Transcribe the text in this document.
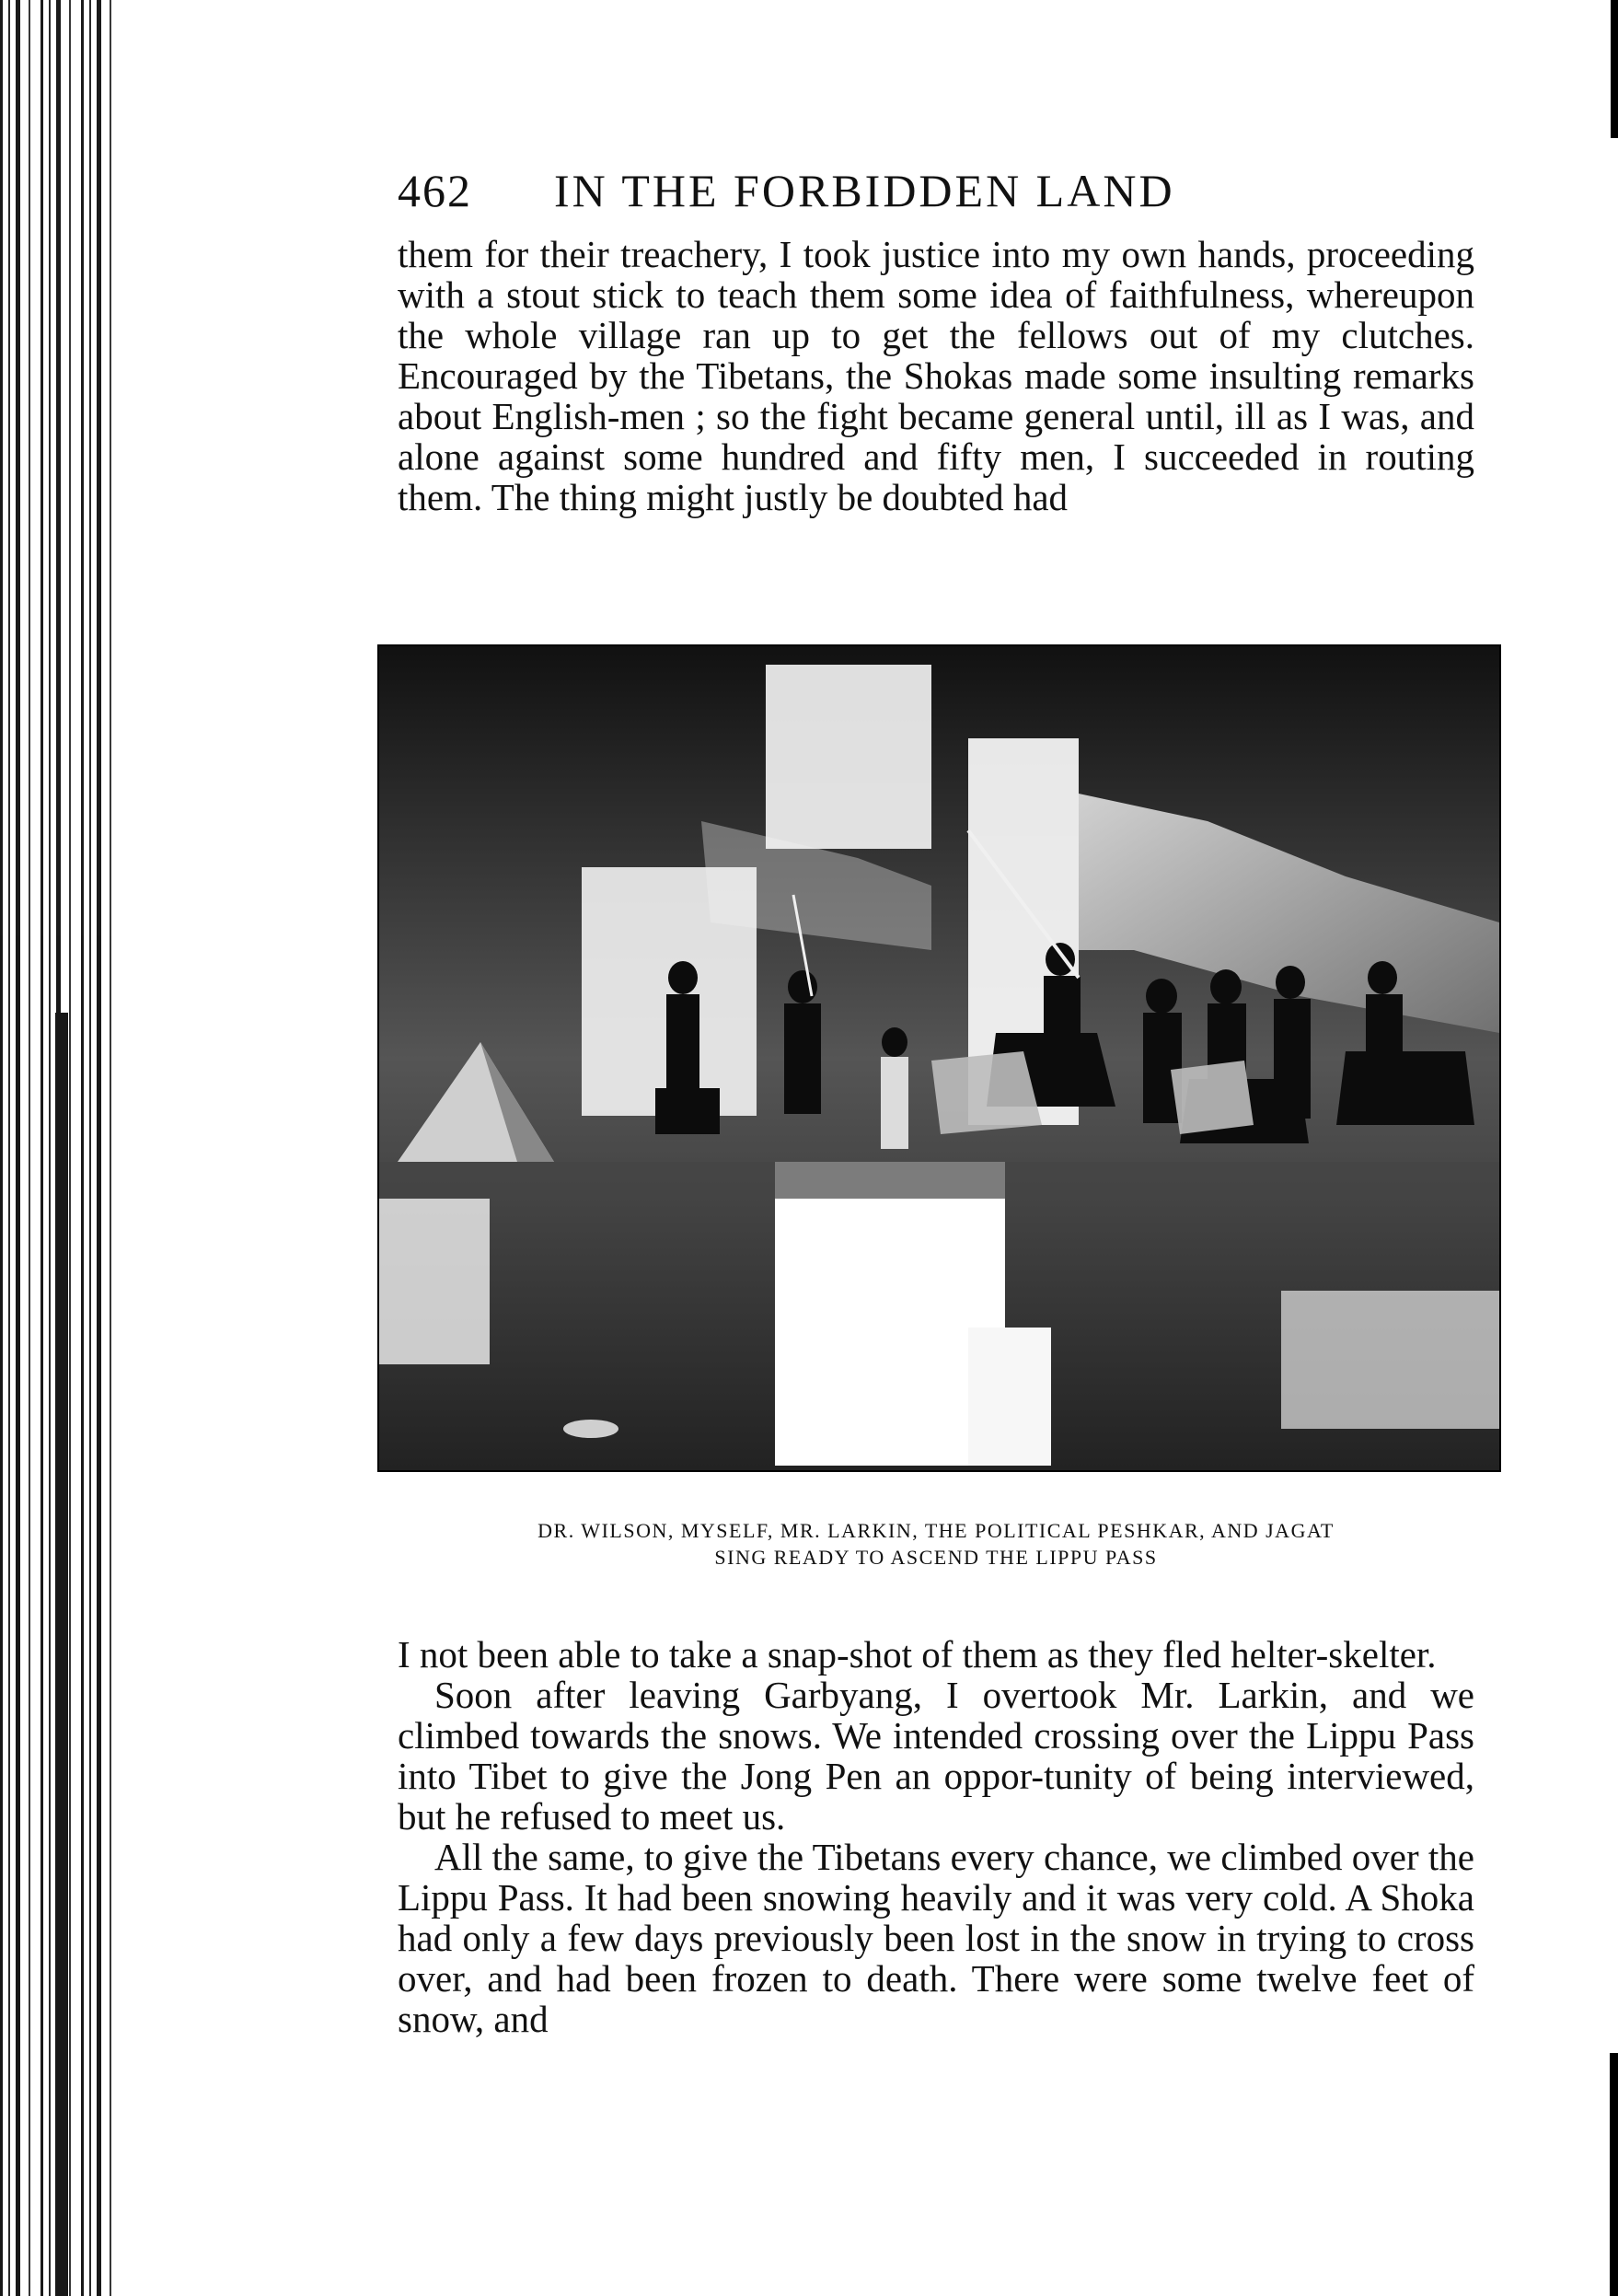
462	IN THE FORBIDDEN LAND

them for their treachery, I took justice into my own hands, proceeding with a stout stick to teach them some idea of faithfulness, whereupon the whole village ran up to get the fellows out of my clutches. Encouraged by the Tibetans, the Shokas made some insulting remarks about English-men ; so the fight became general until, ill as I was, and alone against some hundred and fifty men, I succeeded in routing them. The thing might justly be doubted had

DR. WILSON, MYSELF, MR. LARKIN, THE POLITICAL PESHKAR, AND JAGAT
SING READY TO ASCEND THE LIPPU PASS

I not been able to take a snap-shot of them as they fled helter-skelter.

Soon after leaving Garbyang, I overtook Mr. Larkin, and we climbed towards the snows. We intended crossing over the Lippu Pass into Tibet to give the Jong Pen an oppor-tunity of being interviewed, but he refused to meet us.

All the same, to give the Tibetans every chance, we climbed over the Lippu Pass. It had been snowing heavily and it was very cold. A Shoka had only a few days previously been lost in the snow in trying to cross over, and had been frozen to death. There were some twelve feet of snow, and
